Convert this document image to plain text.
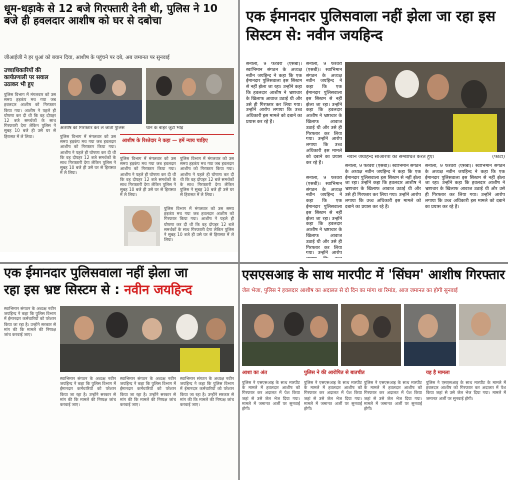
धूम-धड़ाके से 12 बजे गिरफ्तारी देनी थी, पुलिस ने 10 बजे ही हवलदार आशीष को घर से दबोचा
जीआईजी ने हर धुआं को बयान दिया, आशीष के पहुंचने पर दबे, अब जमानत पर सुनवाई
उच्चाधिकारियों की कार्यप्रणाली पर सवाल उठाकर भी हुए
पुलिस विभाग में मंगलवार को उस समय हड़कंप मच गया जब हवलदार आशीष को गिरफ्तार किया गया। आशीष ने पहले ही घोषणा कर दी थी कि वह दोपहर 12 बजे समर्थकों के साथ गिरफ्तारी देगा लेकिन पुलिस ने सुबह 10 बजे ही उसे घर से हिरासत में ले लिया।
आशीष को गिरफ्तार कर ले जाती पुलिस	थाने के बाहर जुटी भीड़
आशीष के रिश्तेदार ने कहा — हमें न्याय चाहिए
पुलिस विभाग में मंगलवार को उस समय हड़कंप मच गया जब हवलदार आशीष को गिरफ्तार किया गया। आशीष ने पहले ही घोषणा कर दी थी कि वह दोपहर 12 बजे समर्थकों के साथ गिरफ्तारी देगा लेकिन पुलिस ने सुबह 10 बजे ही उसे घर से हिरासत में ले लिया।
पुलिस विभाग में मंगलवार को उस समय हड़कंप मच गया जब हवलदार आशीष को गिरफ्तार किया गया। आशीष ने पहले ही घोषणा कर दी थी कि वह दोपहर 12 बजे समर्थकों के साथ गिरफ्तारी देगा लेकिन पुलिस ने सुबह 10 बजे ही उसे घर से हिरासत में ले लिया।
पुलिस विभाग में मंगलवार को उस समय हड़कंप मच गया जब हवलदार आशीष को गिरफ्तार किया गया। आशीष ने पहले ही घोषणा कर दी थी कि वह दोपहर 12 बजे समर्थकों के साथ गिरफ्तारी देगा लेकिन पुलिस ने सुबह 10 बजे ही उसे घर से हिरासत में ले लिया।
पुलिस विभाग में मंगलवार को उस समय हड़कंप मच गया जब हवलदार आशीष को गिरफ्तार किया गया। आशीष ने पहले ही घोषणा कर दी थी कि वह दोपहर 12 बजे समर्थकों के साथ गिरफ्तारी देगा लेकिन पुलिस ने सुबह 10 बजे ही उसे घर से हिरासत में ले लिया।
एक ईमानदार पुलिसवाला नहीं झेला जा रहा इस सिस्टम से: नवीन जयहिन्द
सनौली, 9 फरवरी (एसबी)। स्वाभिमान संगठन के अध्यक्ष नवीन जयहिन्द ने कहा कि एक ईमानदार पुलिसवाला इस सिस्टम से नहीं झेला जा रहा। उन्होंने कहा कि हवलदार आशीष ने भ्रष्टाचार के खिलाफ आवाज उठाई थी और उसे ही गिरफ्तार कर लिया गया। उन्होंने आरोप लगाया कि उच्च अधिकारी इस मामले को दबाने का प्रयास कर रहे हैं।
सनौली, 9 फरवरी (एसबी)। स्वाभिमान संगठन के अध्यक्ष नवीन जयहिन्द ने कहा कि एक ईमानदार पुलिसवाला इस सिस्टम से नहीं झेला जा रहा। उन्होंने कहा कि हवलदार आशीष ने भ्रष्टाचार के खिलाफ आवाज उठाई थी और उसे ही गिरफ्तार कर लिया गया। उन्होंने आरोप लगाया कि उच्च अधिकारी इस मामले को दबाने का प्रयास कर रहे हैं।
नवीन जयहिन्द सीआरपी को सम्बोधित करते हुए।	(फोटो)
सनौली, 9 फरवरी (एसबी)। स्वाभिमान संगठन के अध्यक्ष नवीन जयहिन्द ने कहा कि एक ईमानदार पुलिसवाला इस सिस्टम से नहीं झेला जा रहा। उन्होंने कहा कि हवलदार आशीष ने भ्रष्टाचार के खिलाफ आवाज उठाई थी और उसे ही गिरफ्तार कर लिया गया। उन्होंने आरोप
सनौली, 9 फरवरी (एसबी)। स्वाभिमान संगठन के अध्यक्ष नवीन जयहिन्द ने कहा कि एक ईमानदार पुलिसवाला इस सिस्टम से नहीं झेला जा रहा। उन्होंने कहा कि हवलदार आशीष ने भ्रष्टाचार के खिलाफ आवाज उठाई थी और उसे ही गिरफ्तार कर लिया गया। उन्होंने आरोप लगाया कि उच्च अधिकारी इस मामले को दबाने का प्रयास कर रहे हैं।
सनौली, 9 फरवरी (एसबी)। स्वाभिमान संगठन के अध्यक्ष नवीन जयहिन्द ने कहा कि एक ईमानदार पुलिसवाला इस सिस्टम से नहीं झेला जा रहा। उन्होंने कहा कि हवलदार आशीष ने भ्रष्टाचार के खिलाफ आवाज उठाई थी और उसे ही गिरफ्तार कर लिया गया। उन्होंने आरोप लगाया कि उच्च अधिकारी इस मामले को दबाने का प्रयास कर रहे हैं।
एक ईमानदार पुलिसवाला नहीं झेला जा
रहा इस भ्रष्ट सिस्टम से : नवीन जयहिन्द
स्वाभिमान संगठन के अध्यक्ष नवीन जयहिन्द ने कहा कि पुलिस विभाग में ईमानदार कर्मचारियों को परेशान किया जा रहा है। उन्होंने सरकार से मांग की कि मामले की निष्पक्ष जांच करवाई जाए।
स्वाभिमान संगठन के अध्यक्ष नवीन जयहिन्द ने कहा कि पुलिस विभाग में ईमानदार कर्मचारियों को परेशान किया जा रहा है। उन्होंने सरकार से मांग की कि मामले की निष्पक्ष जांच करवाई जाए।
स्वाभिमान संगठन के अध्यक्ष नवीन जयहिन्द ने कहा कि पुलिस विभाग में ईमानदार कर्मचारियों को परेशान किया जा रहा है। उन्होंने सरकार से मांग की कि मामले की निष्पक्ष जांच करवाई जाए।
स्वाभिमान संगठन के अध्यक्ष नवीन जयहिन्द ने कहा कि पुलिस विभाग में ईमानदार कर्मचारियों को परेशान किया जा रहा है। उन्होंने सरकार से मांग की कि मामले की निष्पक्ष जांच करवाई जाए।
एसएसआइ के साथ मारपीट में 'सिंघम' आशीष गिरफ्तार
जेल भेजा, पुलिस ने हवलदार आशीष का अदालत से दो दिन का मांगा था रिमांड, आज जमानत का होगी सुनवाई
आशा का अंत	पुलिस ने की आरोपित से बातचीत	यह है मामला
पुलिस ने एसएसआइ के साथ मारपीट के मामले में हवलदार आशीष को गिरफ्तार कर अदालत में पेश किया जहां से उसे जेल भेज दिया गया। मामले में जमानत अर्जी पर सुनवाई होगी।
पुलिस ने एसएसआइ के साथ मारपीट के मामले में हवलदार आशीष को गिरफ्तार कर अदालत में पेश किया जहां से उसे जेल भेज दिया गया। मामले में जमानत अर्जी पर सुनवाई होगी।
पुलिस ने एसएसआइ के साथ मारपीट के मामले में हवलदार आशीष को गिरफ्तार कर अदालत में पेश किया जहां से उसे जेल भेज दिया गया। मामले में जमानत अर्जी पर सुनवाई होगी।
पुलिस ने एसएसआइ के साथ मारपीट के मामले में हवलदार आशीष को गिरफ्तार कर अदालत में पेश किया जहां से उसे जेल भेज दिया गया। मामले में जमानत अर्जी पर सुनवाई होगी।
